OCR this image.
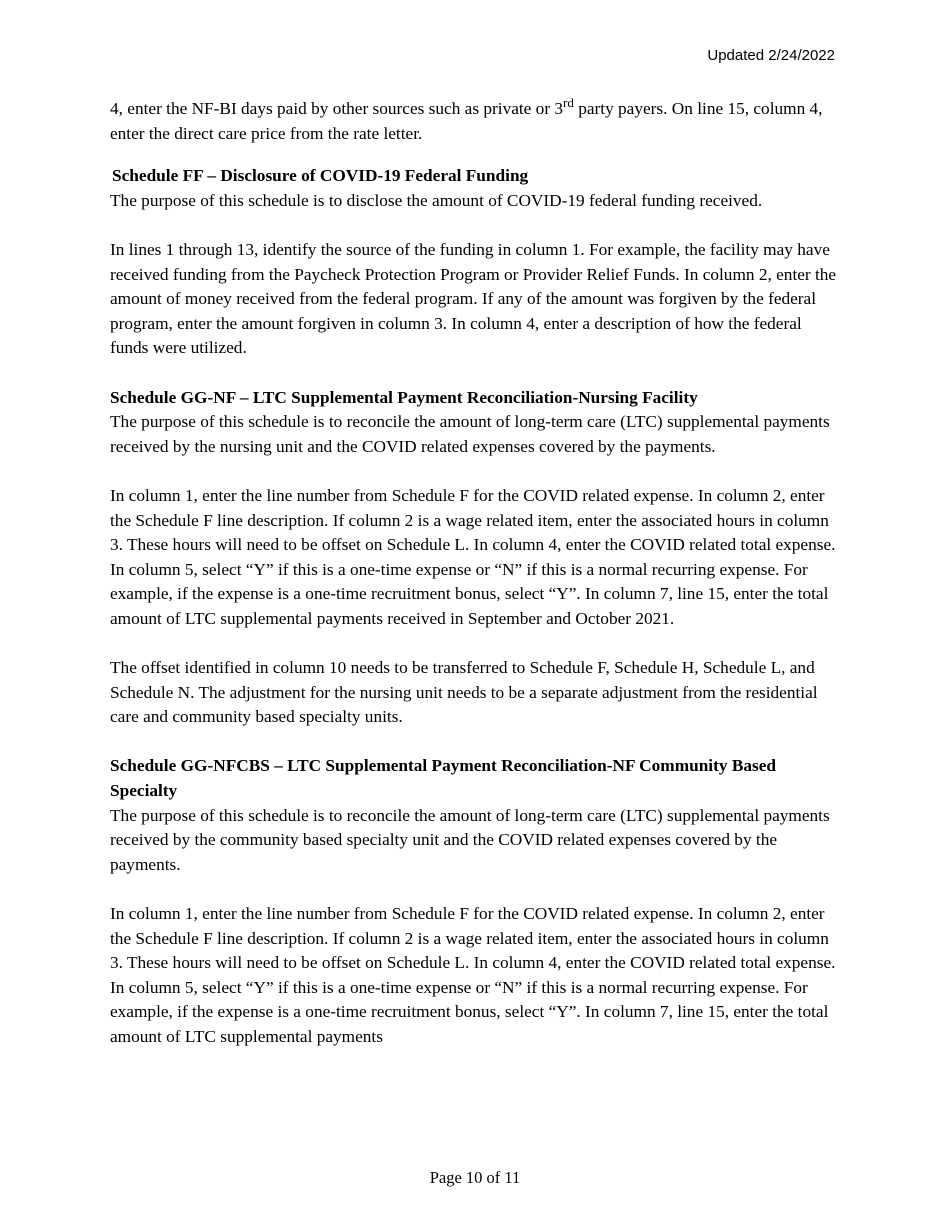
Updated 2/24/2022

4, enter the NF-BI days paid by other sources such as private or 3rd party payers. On line 15, column 4, enter the direct care price from the rate letter.

Schedule FF – Disclosure of COVID-19 Federal Funding

The purpose of this schedule is to disclose the amount of COVID-19 federal funding received.

In lines 1 through 13, identify the source of the funding in column 1. For example, the facility may have received funding from the Paycheck Protection Program or Provider Relief Funds. In column 2, enter the amount of money received from the federal program. If any of the amount was forgiven by the federal program, enter the amount forgiven in column 3. In column 4, enter a description of how the federal funds were utilized.

Schedule GG-NF – LTC Supplemental Payment Reconciliation-Nursing Facility

The purpose of this schedule is to reconcile the amount of long-term care (LTC) supplemental payments received by the nursing unit and the COVID related expenses covered by the payments.

In column 1, enter the line number from Schedule F for the COVID related expense. In column 2, enter the Schedule F line description. If column 2 is a wage related item, enter the associated hours in column 3. These hours will need to be offset on Schedule L. In column 4, enter the COVID related total expense. In column 5, select “Y” if this is a one-time expense or “N” if this is a normal recurring expense. For example, if the expense is a one-time recruitment bonus, select “Y”. In column 7, line 15, enter the total amount of LTC supplemental payments received in September and October 2021.

The offset identified in column 10 needs to be transferred to Schedule F, Schedule H, Schedule L, and Schedule N. The adjustment for the nursing unit needs to be a separate adjustment from the residential care and community based specialty units.

Schedule GG-NFCBS – LTC Supplemental Payment Reconciliation-NF Community Based Specialty

The purpose of this schedule is to reconcile the amount of long-term care (LTC) supplemental payments received by the community based specialty unit and the COVID related expenses covered by the payments.

In column 1, enter the line number from Schedule F for the COVID related expense. In column 2, enter the Schedule F line description. If column 2 is a wage related item, enter the associated hours in column 3. These hours will need to be offset on Schedule L. In column 4, enter the COVID related total expense. In column 5, select “Y” if this is a one-time expense or “N” if this is a normal recurring expense. For example, if the expense is a one-time recruitment bonus, select “Y”. In column 7, line 15, enter the total amount of LTC supplemental payments

Page 10 of 11
